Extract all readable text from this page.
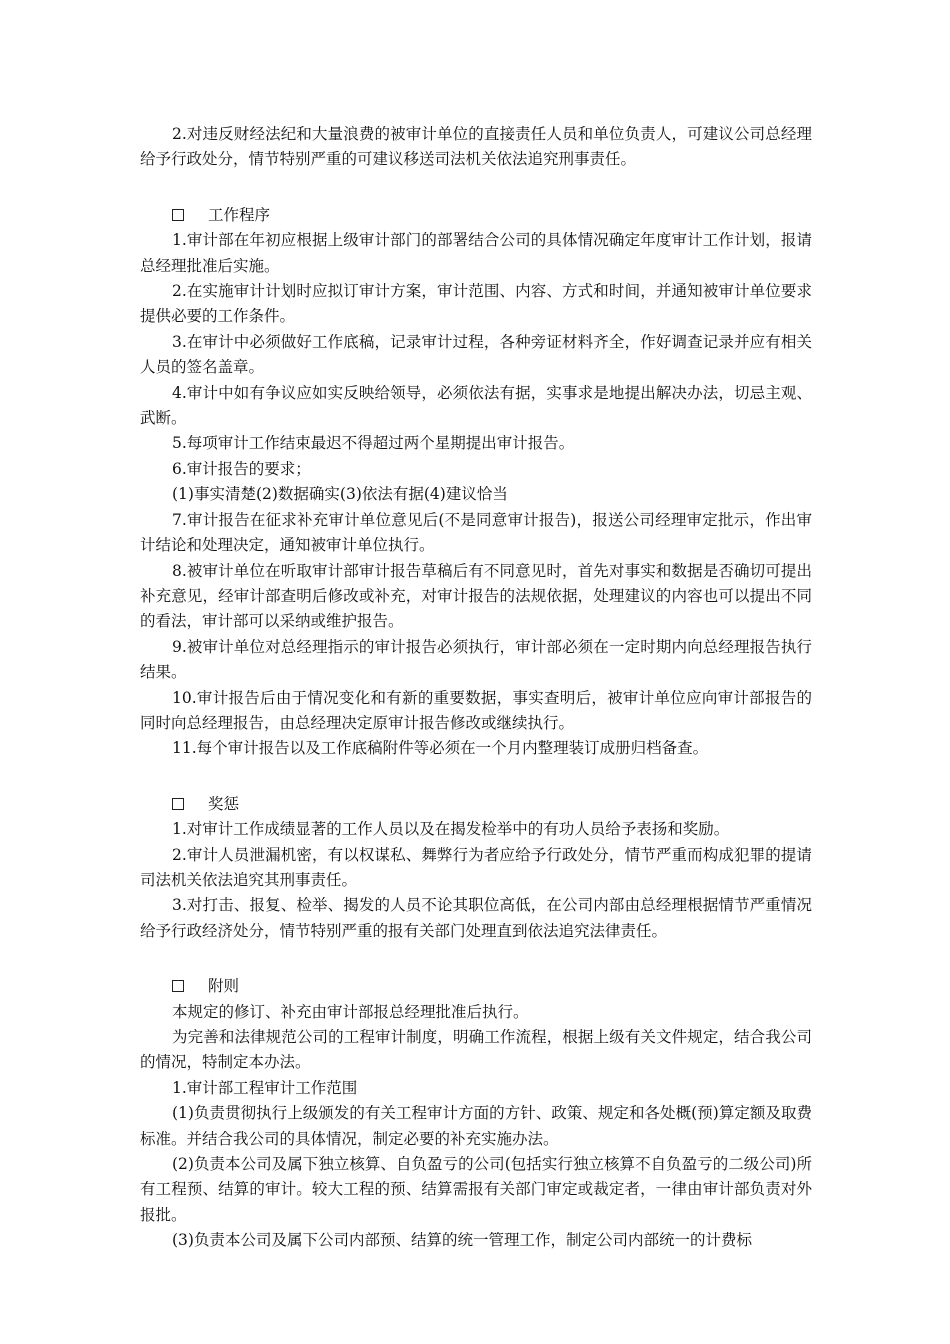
2.对违反财经法纪和大量浪费的被审计单位的直接责任人员和单位负责人，可建议公司总经理给予行政处分，情节特别严重的可建议移送司法机关依法追究刑事责任。

工作程序

1.审计部在年初应根据上级审计部门的部署结合公司的具体情况确定年度审计工作计划，报请总经理批准后实施。

2.在实施审计计划时应拟订审计方案，审计范围、内容、方式和时间，并通知被审计单位要求提供必要的工作条件。

3.在审计中必须做好工作底稿，记录审计过程，各种旁证材料齐全，作好调查记录并应有相关人员的签名盖章。

4.审计中如有争议应如实反映给领导，必须依法有据，实事求是地提出解决办法，切忌主观、武断。

5.每项审计工作结束最迟不得超过两个星期提出审计报告。

6.审计报告的要求；

(1)事实清楚(2)数据确实(3)依法有据(4)建议恰当

7.审计报告在征求补充审计单位意见后(不是同意审计报告)，报送公司经理审定批示，作出审计结论和处理决定，通知被审计单位执行。

8.被审计单位在听取审计部审计报告草稿后有不同意见时，首先对事实和数据是否确切可提出补充意见，经审计部查明后修改或补充，对审计报告的法规依据，处理建议的内容也可以提出不同的看法，审计部可以采纳或维护报告。

9.被审计单位对总经理指示的审计报告必须执行，审计部必须在一定时期内向总经理报告执行结果。

10.审计报告后由于情况变化和有新的重要数据，事实查明后，被审计单位应向审计部报告的同时向总经理报告，由总经理决定原审计报告修改或继续执行。

11.每个审计报告以及工作底稿附件等必须在一个月内整理装订成册归档备查。

奖惩

1.对审计工作成绩显著的工作人员以及在揭发检举中的有功人员给予表扬和奖励。

2.审计人员泄漏机密，有以权谋私、舞弊行为者应给予行政处分，情节严重而构成犯罪的提请司法机关依法追究其刑事责任。

3.对打击、报复、检举、揭发的人员不论其职位高低，在公司内部由总经理根据情节严重情况给予行政经济处分，情节特别严重的报有关部门处理直到依法追究法律责任。

附则

本规定的修订、补充由审计部报总经理批准后执行。

为完善和法律规范公司的工程审计制度，明确工作流程，根据上级有关文件规定，结合我公司的情况，特制定本办法。

1.审计部工程审计工作范围

(1)负责贯彻执行上级颁发的有关工程审计方面的方针、政策、规定和各处概(预)算定额及取费标准。并结合我公司的具体情况，制定必要的补充实施办法。

(2)负责本公司及属下独立核算、自负盈亏的公司(包括实行独立核算不自负盈亏的二级公司)所有工程预、结算的审计。较大工程的预、结算需报有关部门审定或裁定者，一律由审计部负责对外报批。

(3)负责本公司及属下公司内部预、结算的统一管理工作，制定公司内部统一的计费标
